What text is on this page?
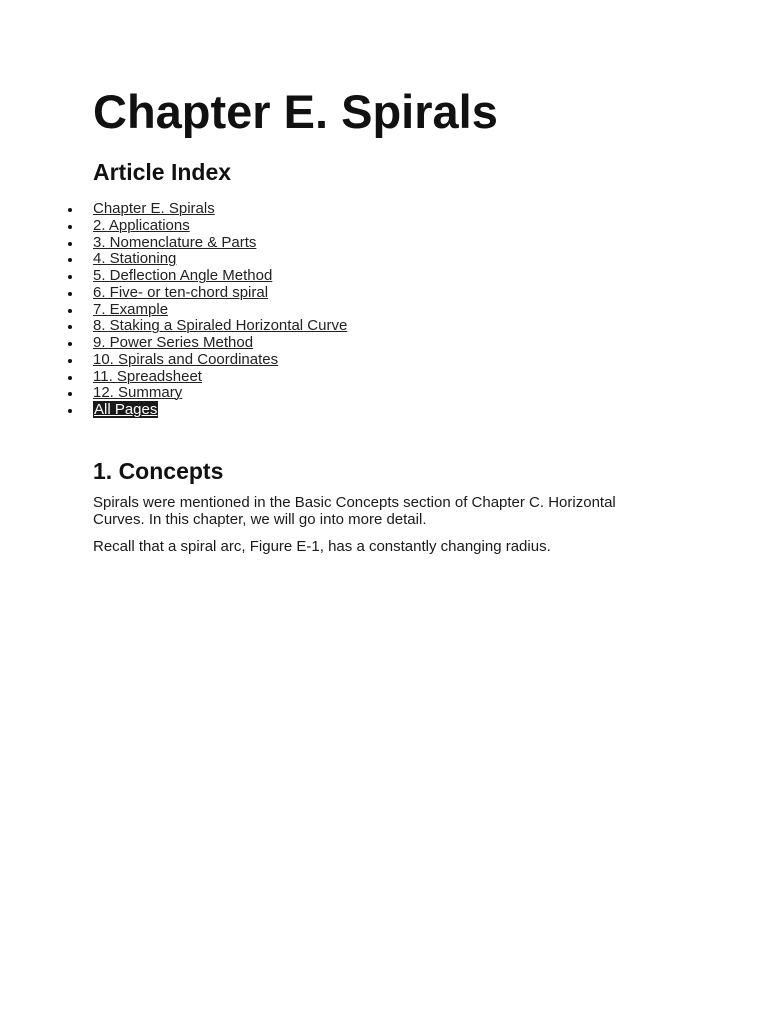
Chapter E. Spirals
Article Index
Chapter E. Spirals
2. Applications
3. Nomenclature & Parts
4. Stationing
5. Deflection Angle Method
6. Five- or ten-chord spiral
7. Example
8. Staking a Spiraled Horizontal Curve
9. Power Series Method
10. Spirals and Coordinates
11. Spreadsheet
12. Summary
All Pages
1. Concepts

Spirals were mentioned in the Basic Concepts section of Chapter C. Horizontal Curves. In this chapter, we will go into more detail.

Recall that a spiral arc, Figure E-1, has a constantly changing radius.
